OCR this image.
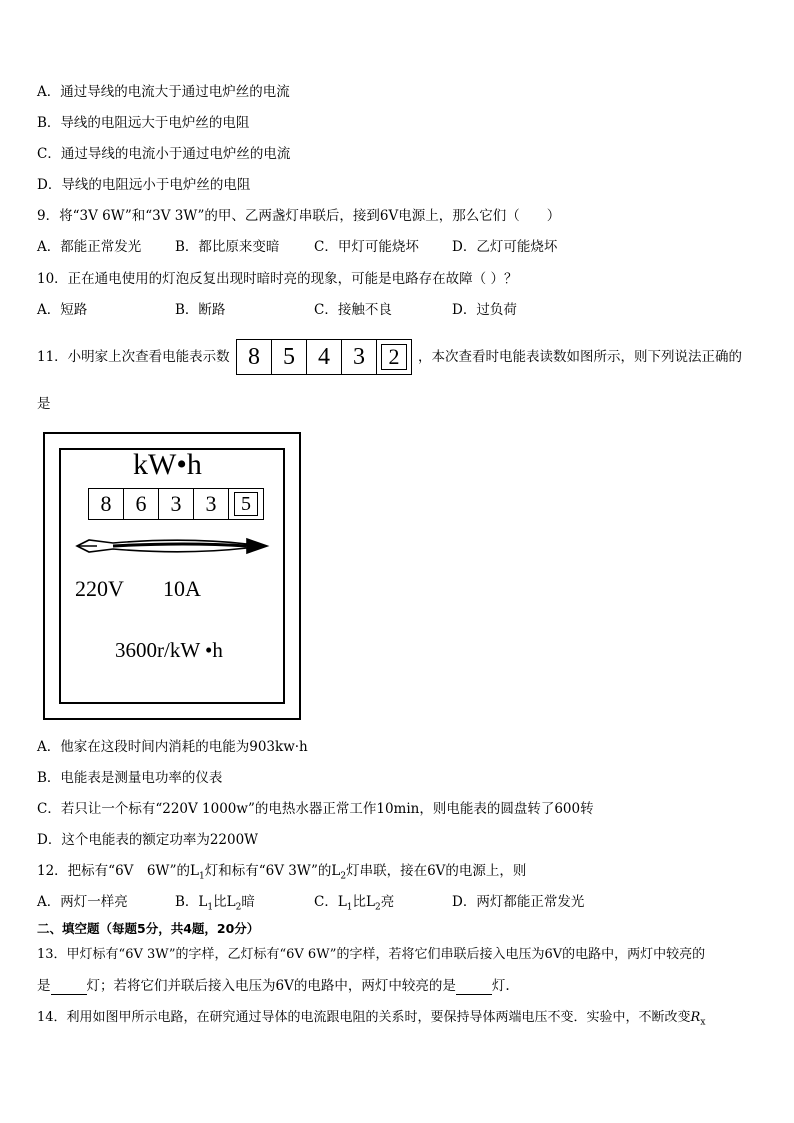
A．通过导线的电流大于通过电炉丝的电流
B．导线的电阻远大于电炉丝的电阻
C．通过导线的电流小于通过电炉丝的电流
D．导线的电阻远小于电炉丝的电阻
9．将“3V 6W”和“3V 3W”的甲、乙两盏灯串联后，接到6V电源上，那么它们（　　）
A．都能正常发光	B．都比原来变暗	C．甲灯可能烧坏 D．乙灯可能烧坏
10．正在通电使用的灯泡反复出现时暗时亮的现象，可能是电路存在故障（ ）？
A．短路	B．断路	C．接触不良	D．过负荷
11．小明家上次查看电能表示数 8 5 4 3	2	，本次查看时电能表读数如图所示，则下列说法正确的
是
kW•h
8	6	3	3	5
220V 10A
3600r/kW •h
A．他家在这段时间内消耗的电能为903kw·h
B．电能表是测量电功率的仪表
C．若只让一个标有“220V 1000w”的电热水器正常工作10min，则电能表的圆盘转了600转
D．这个电能表的额定功率为2200W
12．把标有“6V　6W”的$L_1$灯和标有“6V 3W”的$L_2$灯串联，接在6V的电源上，则
A．两灯一样亮	B．$L_1$比$L_2$暗	C．$L_1$比$L_2$亮	D．两灯都能正常发光
二、填空题（每题5分，共4题，20分）
13．甲灯标有“6V 3W”的字样，乙灯标有“6V 6W”的字样，若将它们串联后接入电压为6V的电路中，两灯中较亮的
是	灯；若将它们并联后接入电压为6V的电路中，两灯中较亮的是	灯.
14．利用如图甲所示电路，在研究通过导体的电流跟电阻的关系时，要保持导体两端电压不变．实验中，不断改变$R_x$
